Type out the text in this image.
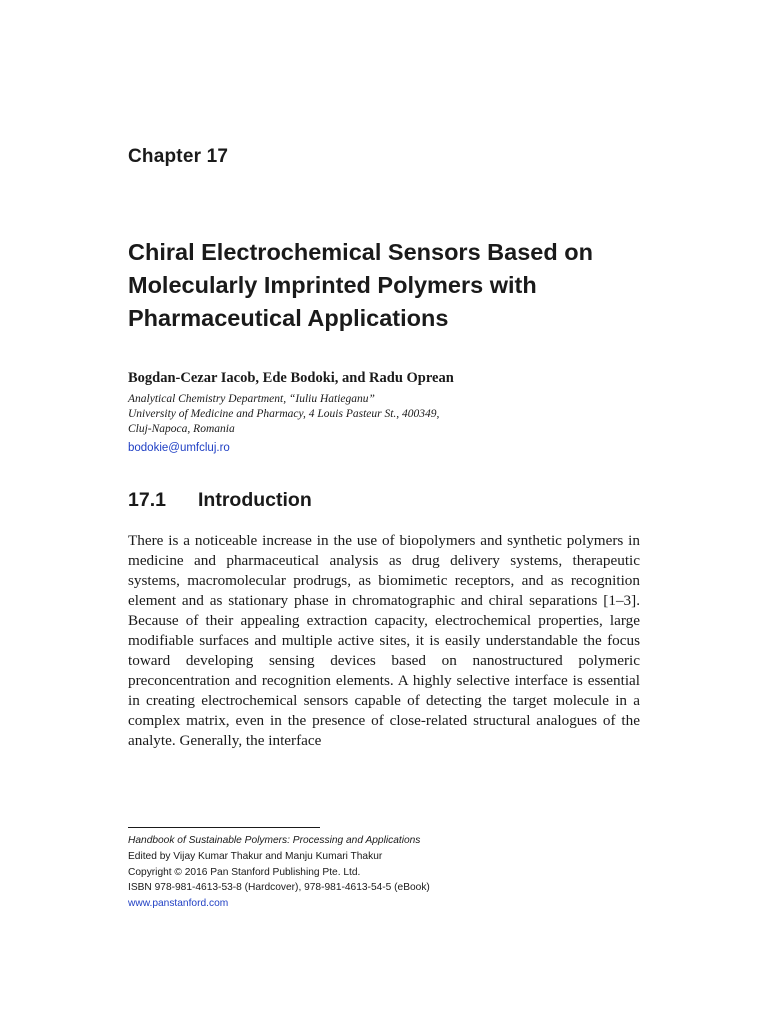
Chapter 17
Chiral Electrochemical Sensors Based on Molecularly Imprinted Polymers with Pharmaceutical Applications
Bogdan-Cezar Iacob, Ede Bodoki, and Radu Oprean
Analytical Chemistry Department, “Iuliu Hatieganu”
University of Medicine and Pharmacy, 4 Louis Pasteur St., 400349,
Cluj-Napoca, Romania
bodokie@umfcluj.ro
17.1 Introduction

There is a noticeable increase in the use of biopolymers and synthetic polymers in medicine and pharmaceutical analysis as drug delivery systems, therapeutic systems, macromolecular prodrugs, as biomimetic receptors, and as recognition element and as stationary phase in chromatographic and chiral separations [1–3]. Because of their appealing extraction capacity, electrochemical properties, large modifiable surfaces and multiple active sites, it is easily understandable the focus toward developing sensing devices based on nanostructured polymeric preconcentration and recognition elements. A highly selective interface is essential in creating electrochemical sensors capable of detecting the target molecule in a complex matrix, even in the presence of close-related structural analogues of the analyte. Generally, the interface

Handbook of Sustainable Polymers: Processing and Applications
Edited by Vijay Kumar Thakur and Manju Kumari Thakur
Copyright © 2016 Pan Stanford Publishing Pte. Ltd.
ISBN 978-981-4613-53-8 (Hardcover), 978-981-4613-54-5 (eBook)
www.panstanford.com
